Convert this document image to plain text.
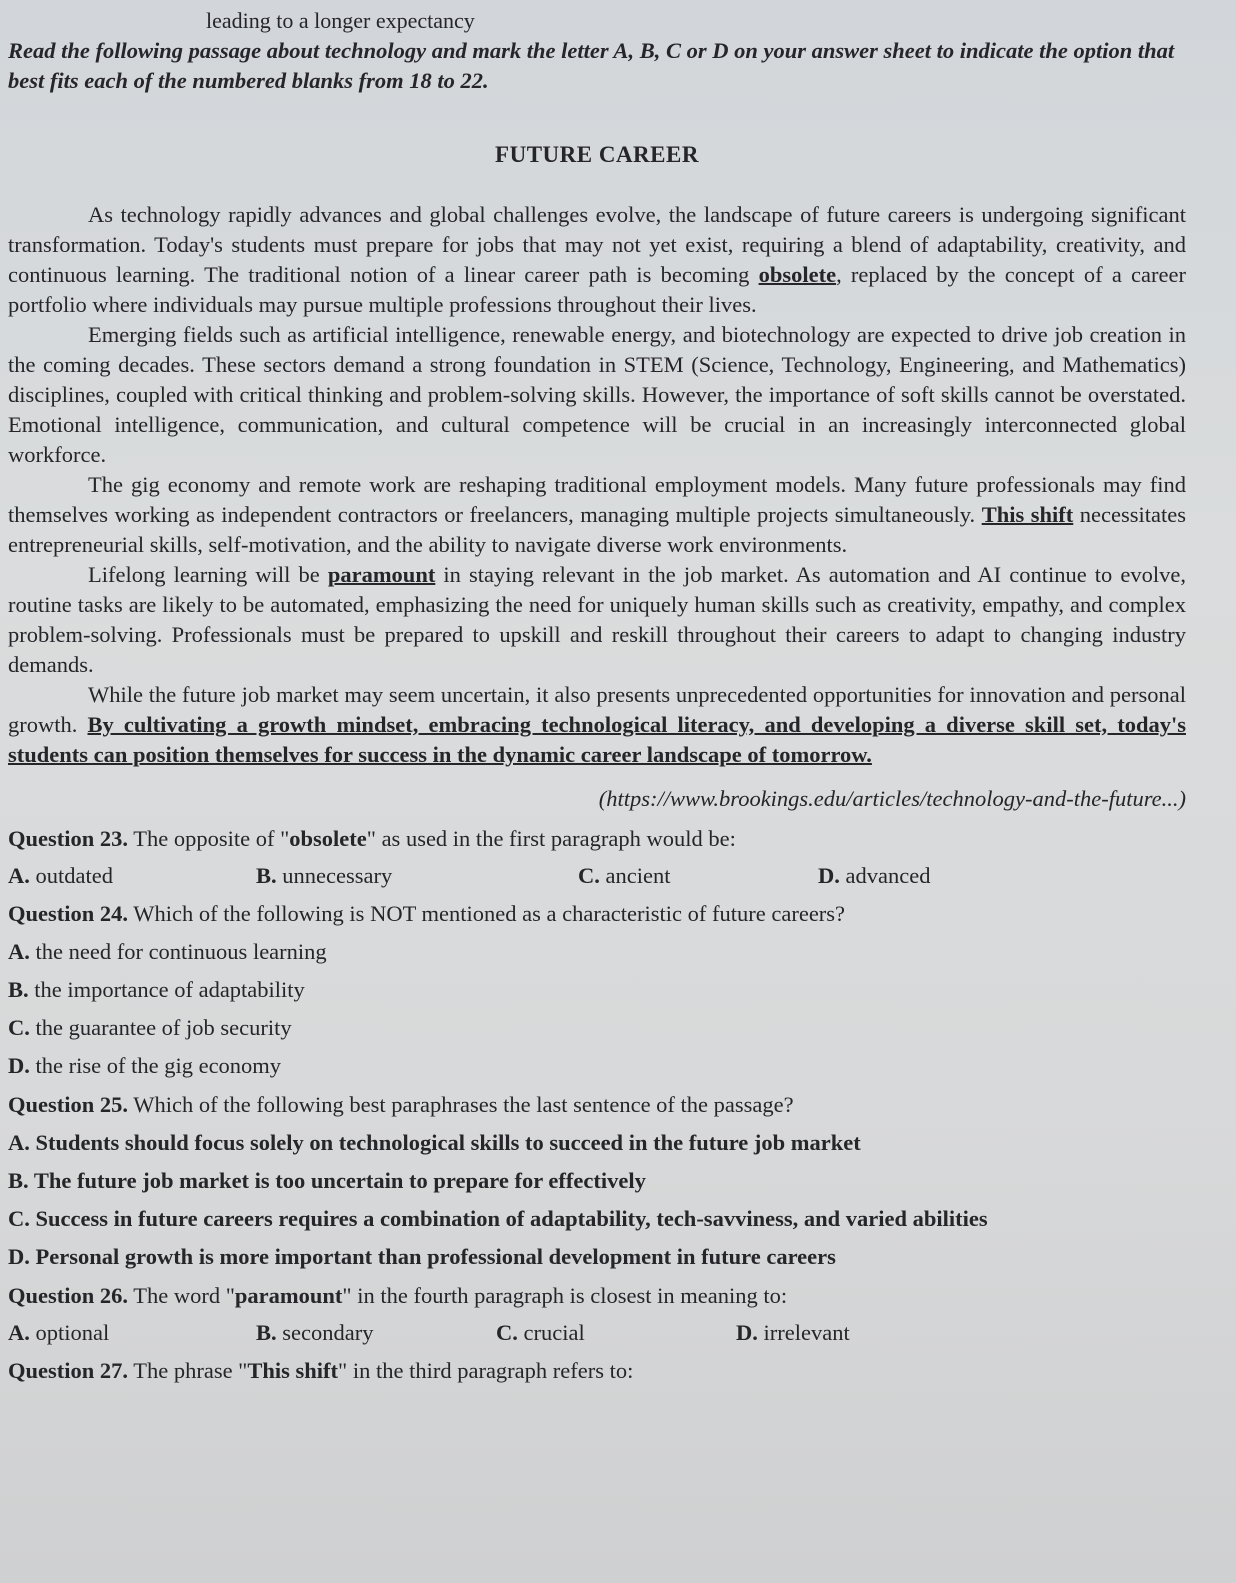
leading to a longer expectancy

Read the following passage about technology and mark the letter A, B, C or D on your answer sheet to indicate the option that best fits each of the numbered blanks from 18 to 22.

FUTURE CAREER

As technology rapidly advances and global challenges evolve, the landscape of future careers is undergoing significant transformation. Today's students must prepare for jobs that may not yet exist, requiring a blend of adaptability, creativity, and continuous learning. The traditional notion of a linear career path is becoming obsolete, replaced by the concept of a career portfolio where individuals may pursue multiple professions throughout their lives.

Emerging fields such as artificial intelligence, renewable energy, and biotechnology are expected to drive job creation in the coming decades. These sectors demand a strong foundation in STEM (Science, Technology, Engineering, and Mathematics) disciplines, coupled with critical thinking and problem-solving skills. However, the importance of soft skills cannot be overstated. Emotional intelligence, communication, and cultural competence will be crucial in an increasingly interconnected global workforce.

The gig economy and remote work are reshaping traditional employment models. Many future professionals may find themselves working as independent contractors or freelancers, managing multiple projects simultaneously. This shift necessitates entrepreneurial skills, self-motivation, and the ability to navigate diverse work environments.

Lifelong learning will be paramount in staying relevant in the job market. As automation and AI continue to evolve, routine tasks are likely to be automated, emphasizing the need for uniquely human skills such as creativity, empathy, and complex problem-solving. Professionals must be prepared to upskill and reskill throughout their careers to adapt to changing industry demands.

While the future job market may seem uncertain, it also presents unprecedented opportunities for innovation and personal growth. By cultivating a growth mindset, embracing technological literacy, and developing a diverse skill set, today's students can position themselves for success in the dynamic career landscape of tomorrow.

(https://www.brookings.edu/articles/technology-and-the-future...)

Question 23. The opposite of "obsolete" as used in the first paragraph would be:
A. outdated	B. unnecessary	C. ancient	D. advanced
Question 24. Which of the following is NOT mentioned as a characteristic of future careers?
A. the need for continuous learning
B. the importance of adaptability
C. the guarantee of job security
D. the rise of the gig economy
Question 25. Which of the following best paraphrases the last sentence of the passage?
A. Students should focus solely on technological skills to succeed in the future job market
B. The future job market is too uncertain to prepare for effectively
C. Success in future careers requires a combination of adaptability, tech-savviness, and varied abilities
D. Personal growth is more important than professional development in future careers
Question 26. The word "paramount" in the fourth paragraph is closest in meaning to:
A. optional	B. secondary	C. crucial	D. irrelevant
Question 27. The phrase "This shift" in the third paragraph refers to:
